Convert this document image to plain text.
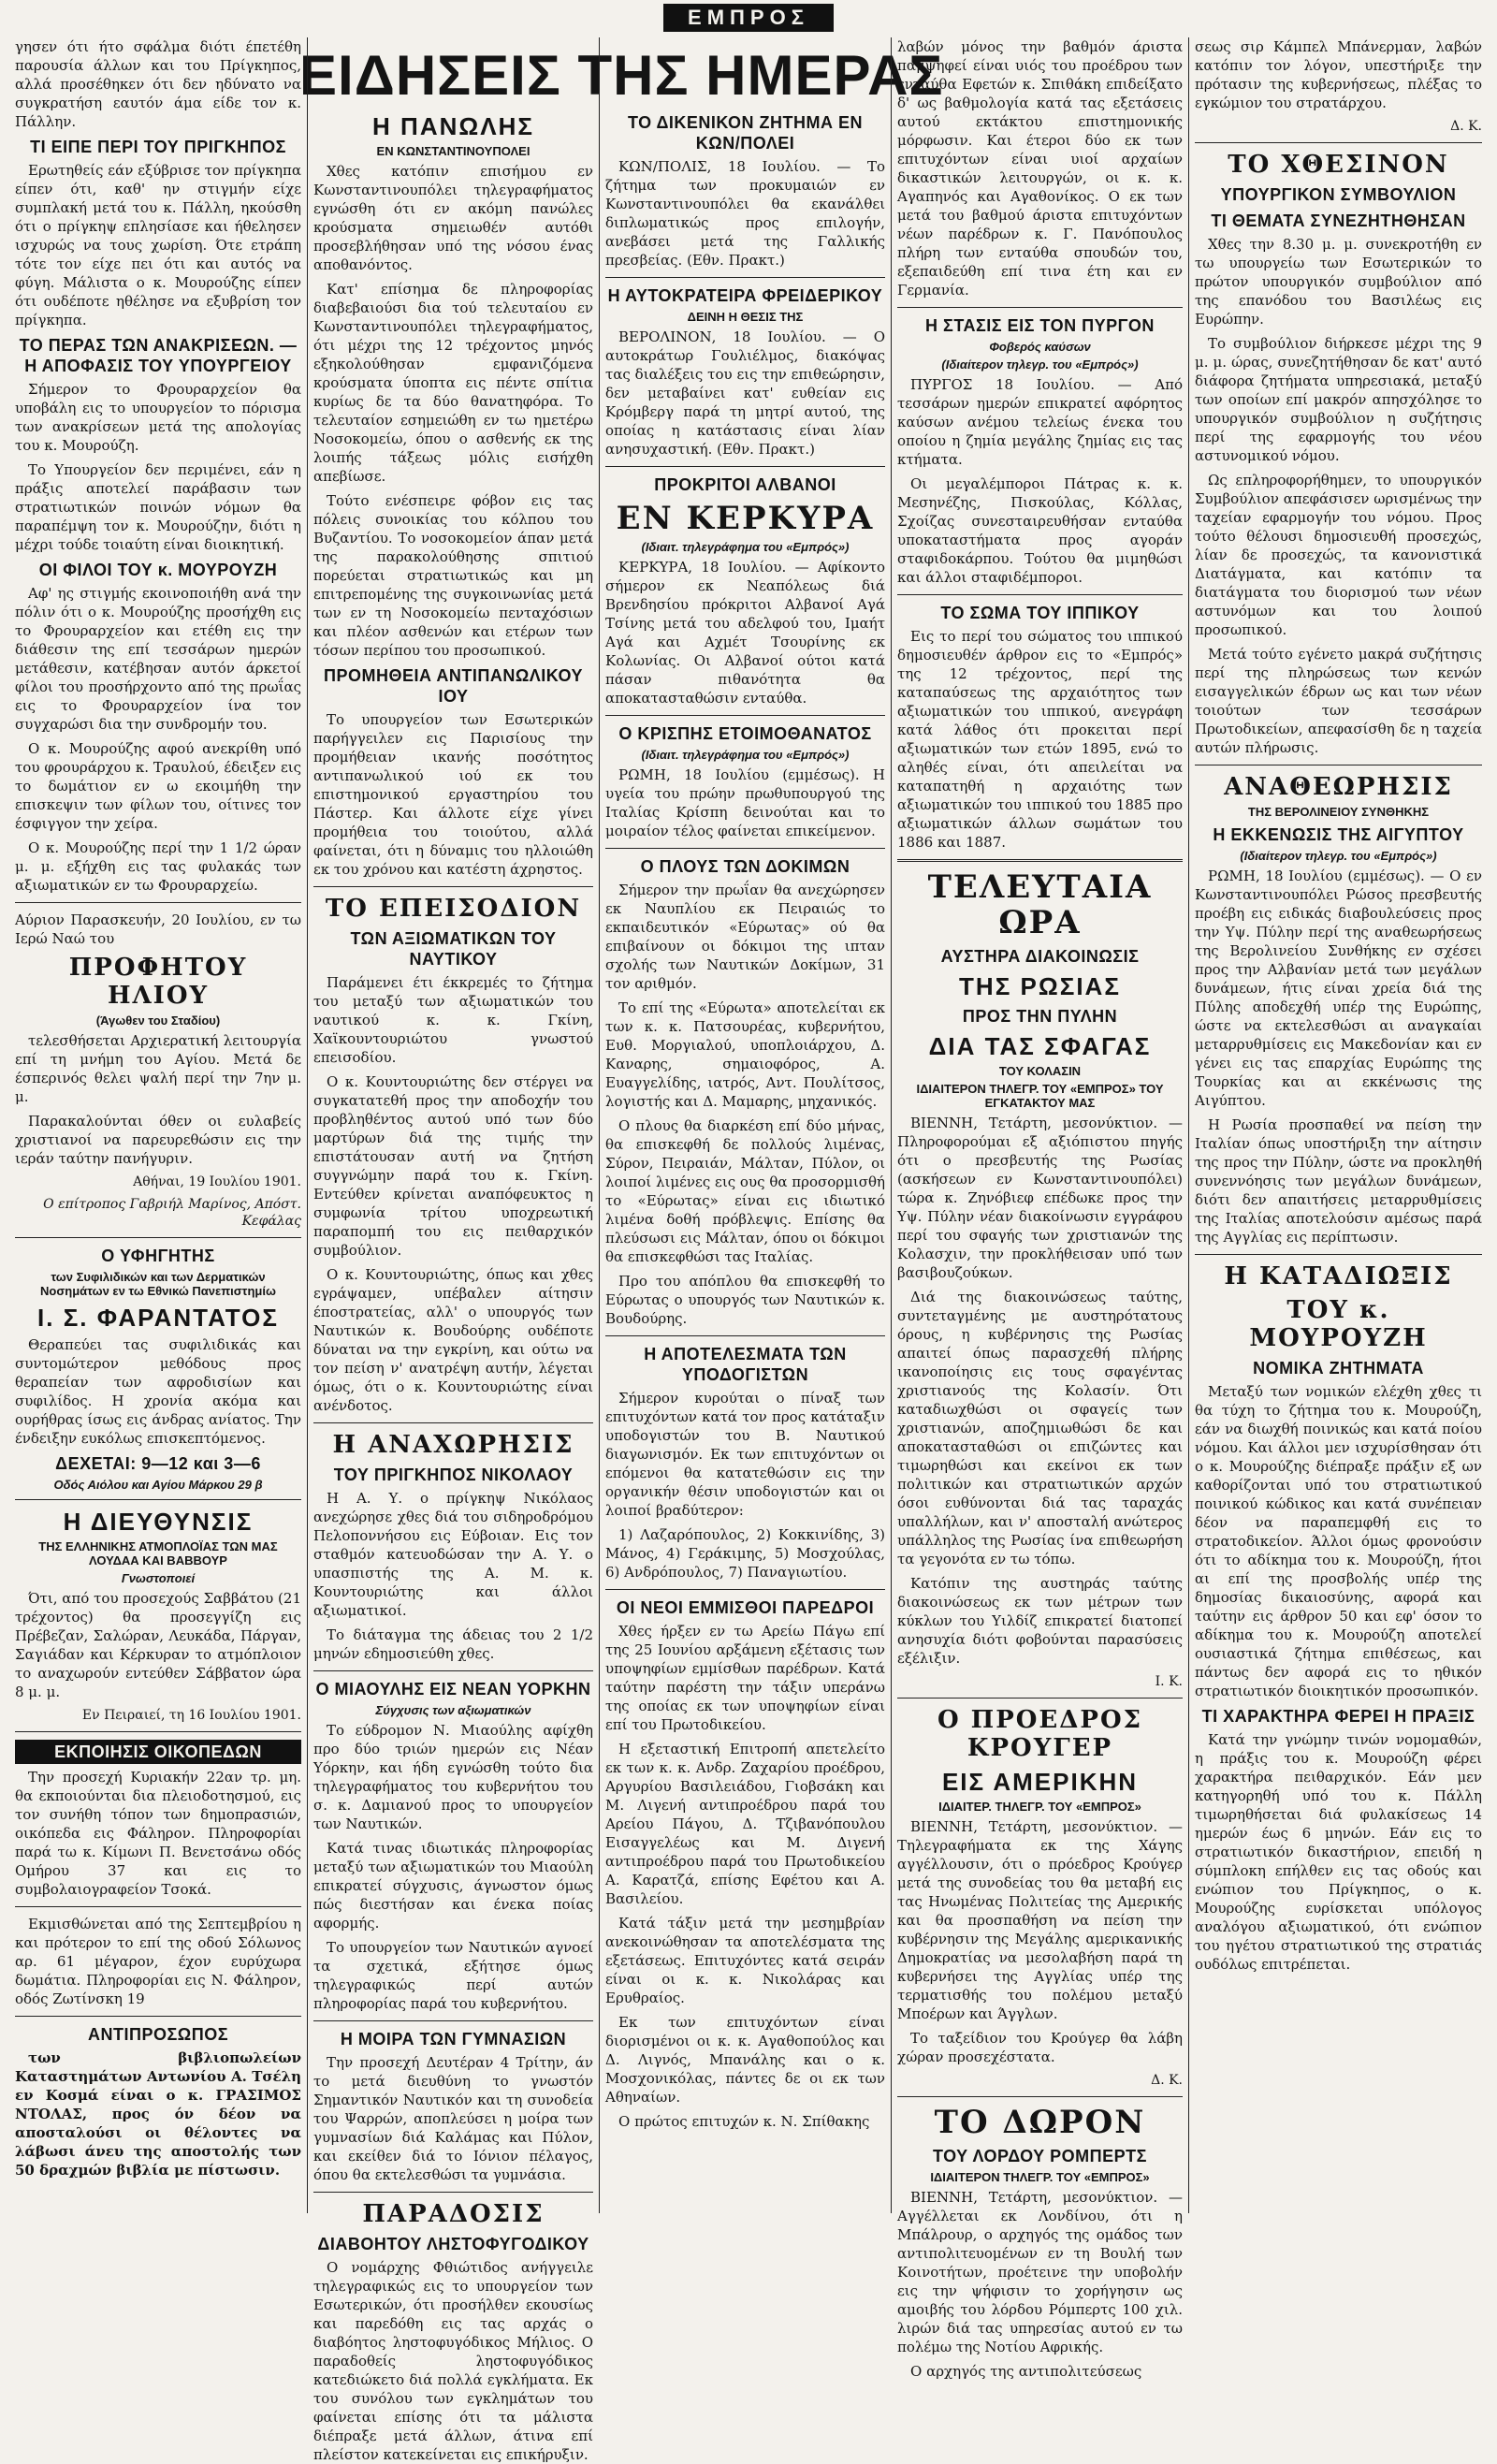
ΕΜΠΡΟΣ
ΕΙΔΗΣΕΙΣ ΤΗΣ ΗΜΕΡΑΣ

γησεν ότι ήτο σφάλμα διότι έπετέθη παρουσία άλλων και του Πρίγκηπος, αλλά προσέθηκεν ότι δεν ηδύνατο να συγκρατήση εαυτόν άμα είδε τον κ. Πάλλην.

ΤΙ ΕΙΠΕ ΠΕΡΙ ΤΟΥ ΠΡΙΓΚΗΠΟΣ

Ερωτηθείς εάν εξύβρισε τον πρίγκηπα είπεν ότι, καθ' ην στιγμήν είχε συμπλακή μετά του κ. Πάλλη, ηκούσθη ότι ο πρίγκηψ επλησίασε και ήθελησεν ισχυρώς να τους χωρίση. Ότε ετράπη τότε τον είχε πει ότι και αυτός να φύγη. Μάλιστα ο κ. Μουρούζης είπεν ότι ουδέποτε ηθέλησε να εξυβρίση τον πρίγκηπα.

ΤΟ ΠΕΡΑΣ ΤΩΝ ΑΝΑΚΡΙΣΕΩΝ. — Η ΑΠΟΦΑΣΙΣ ΤΟΥ ΥΠΟΥΡΓΕΙΟΥ

Σήμερον το Φρουραρχείον θα υποβάλη εις το υπουργείον το πόρισμα των ανακρίσεων μετά της απολογίας του κ. Μουρούζη.

Το Υπουργείον δεν περιμένει, εάν η πράξις αποτελεί παράβασιν των στρατιωτικών ποινών νόμων θα παραπέμψη τον κ. Μουρούζην, διότι η μέχρι τούδε τοιαύτη είναι διοικητική.

ΟΙ ΦΙΛΟΙ ΤΟΥ κ. ΜΟΥΡΟΥΖΗ

Αφ' ης στιγμής εκοινοποιήθη ανά την πόλιν ότι ο κ. Μουρούζης προσήχθη εις το Φρουραρχείον και ετέθη εις την διάθεσιν της επί τεσσάρων ημερών μετάθεσιν, κατέβησαν αυτόν άρκετοί φίλοι του προσήρχοντο από της πρωΐας εις το Φρουραρχείον ίνα τον συγχαρώσι δια την συνδρομήν του.

Ο κ. Μουρούζης αφού ανεκρίθη υπό του φρουράρχου κ. Τραυλού, έδειξεν εις το δωμάτιον εν ω εκοιμήθη την επισκεψιν των φίλων του, οίτινες τον έσφιγγον την χείρα.

Ο κ. Μουρούζης περί την 1 1/2 ώραν μ. μ. εξήχθη εις τας φυλακάς των αξιωματικών εν τω Φρουραρχείω.

Αύριον Παρασκευήν, 20 Ιουλίου, εν τω Ιερώ Ναώ του

ΠΡΟΦΗΤΟΥ ΗΛΙΟΥ
(Άγωθεν του Σταδίου)

τελεσθήσεται Αρχιερατική λειτουργία επί τη μνήμη του Αγίου. Μετά δε έσπερινός θελει ψαλή περί την 7ην μ. μ.

Παρακαλούνται όθεν οι ευλαβείς χριστιανοί να παρευρεθώσιν εις την ιεράν ταύτην πανήγυριν.

Αθήναι, 19 Ιουλίου 1901.
Ο επίτροπος Γαβριήλ Μαρίνος, Απόστ. Κεφάλας
Ο ΥΦΗΓΗΤΗΣ
των Συφιλιδικών και των Δερματικών Νοσημάτων εν τω Εθνικώ Πανεπιστημίω
Ι. Σ. ΦΑΡΑΝΤΑΤΟΣ

Θεραπεύει τας συφιλιδικάς και συντομώτερον μεθόδους προς θεραπείαν των αφροδισίων και συφιλίδος. Η χρονία ακόμα και ουρήθρας ίσως εις άνδρας ανίατος. Την ένδειξην ευκόλως επισκεπτόμενος.

ΔΕΧΕΤΑΙ: 9—12 και 3—6
Οδός Αιόλου και Αγίου Μάρκου 29 β
Η ΔΙΕΥΘΥΝΣΙΣ
ΤΗΣ ΕΛΛΗΝΙΚΗΣ ΑΤΜΟΠΛΟΪΑΣ ΤΩΝ ΜΑΣ ΛΟΥΔΑΑ ΚΑΙ ΒΑΒΒΟΥΡ
Γνωστοποιεί

Ότι, από του προσεχούς Σαββάτου (21 τρέχοντος) θα προσεγγίζη εις Πρέβεζαν, Σαλώραν, Λευκάδα, Πάργαν, Σαγιάδαν και Κέρκυραν το ατμόπλοιον το αναχωρούν εντεύθεν Σάββατον ώρα 8 μ. μ.

Εν Πειραιεί, τη 16 Ιουλίου 1901.
ΕΚΠΟΙΗΣΙΣ ΟΙΚΟΠΕΔΩΝ

Την προσεχή Κυριακήν 22αν τρ. μη. θα εκποιούνται δια πλειοδοτησμού, εις τον συνήθη τόπον των δημοπρασιών, οικόπεδα εις Φάληρον. Πληροφορίαι παρά τω κ. Κίμωνι Π. Βενετσάνω οδός Ομήρου 37 και εις το συμβολαιογραφείον Τσοκά.

Εκμισθώνεται από της Σεπτεμβρίου η και πρότερον το επί της οδού Σόλωνος αρ. 61 μέγαρον, έχον ευρύχωρα δωμάτια. Πληροφορίαι εις Ν. Φάληρον, οδός Ζωτίνσκη 19

ΑΝΤΙΠΡΟΣΩΠΟΣ

των βιβλιοπωλείων Καταστημάτων Αντωνίου Α. Τσέλη εν Κοσμά είναι ο κ. ΓΡΑΣΙΜΟΣ ΝΤΟΛΑΣ, προς όν δέον να αποσταλούσι οι θέλοντες να λάβωσι άνευ της αποστολής των 50 δραχμών βιβλία με πίστωσιν.

Η ΠΑΝΩΛΗΣ
ΕΝ ΚΩΝΣΤΑΝΤΙΝΟΥΠΟΛΕΙ

Χθες κατόπιν επισήμου εν Κωνσταντινουπόλει τηλεγραφήματος εγνώσθη ότι εν ακόμη πανώλες κρούσματα σημειωθέν αυτόθι προσεβλήθησαν υπό της νόσου ένας αποθανόντος.

Κατ' επίσημα δε πληροφορίας διαβεβαιούσι δια τού τελευταίου εν Κωνσταντινουπόλει τηλεγραφήματος, ότι μέχρι της 12 τρέχοντος μηνός εξηκολούθησαν εμφανιζόμενα κρούσματα ύποπτα εις πέντε σπίτια κυρίως δε τα δύο θανατηφόρα. Το τελευταίον εσημειώθη εν τω ημετέρω Νοσοκομείω, όπου ο ασθενής εκ της λοιπής τάξεως μόλις εισήχθη απεβίωσε.

Τούτο ενέσπειρε φόβον εις τας πόλεις συνοικίας του κόλπου του Βυζαντίου. Το νοσοκομείον άπαν μετά της παρακολούθησης σπιτιού πορεύεται στρατιωτικώς και μη επιτρεπομένης της συγκοινωνίας μετά των εν τη Νοσοκομείω πενταχόσιων και πλέον ασθενών και ετέρων των τόσων περίπου του προσωπικού.

ΠΡΟΜΗΘΕΙΑ ΑΝΤΙΠΑΝΩΛΙΚΟΥ ΙΟΥ

Το υπουργείον των Εσωτερικών παρήγγειλεν εις Παρισίους την προμήθειαν ικανής ποσότητος αντιπανωλικού ιού εκ του επιστημονικού εργαστηρίου του Πάστερ. Και άλλοτε είχε γίνει προμήθεια του τοιούτου, αλλά φαίνεται, ότι η δύναμις του ηλλοιώθη εκ του χρόνου και κατέστη άχρηστος.

ΤΟ ΕΠΕΙΣΟΔΙΟΝ
ΤΩΝ ΑΞΙΩΜΑΤΙΚΩΝ ΤΟΥ ΝΑΥΤΙΚΟΥ

Παράμενει έτι έκκρεμές το ζήτημα του μεταξύ των αξιωματικών του ναυτικού κ. κ. Γκίνη, Χαϊκουντουριώτου γνωστού επεισοδίου.

Ο κ. Κουντουριώτης δεν στέργει να συγκατατεθή προς την αποδοχήν του προβληθέντος αυτού υπό των δύο μαρτύρων διά της τιμής την επιστάτουσαν αυτή να ζητήση συγγνώμην παρά του κ. Γκίνη. Εντεύθεν κρίνεται αναπόφευκτος η συμφωνία τρίτου υποχρεωτική παραπομπή του εις πειθαρχικόν συμβούλιον.

Ο κ. Κουντουριώτης, όπως και χθες εγράψαμεν, υπέβαλεν αίτησιν έποστρατείας, αλλ' ο υπουργός των Ναυτικών κ. Βουδούρης ουδέποτε δύναται να την εγκρίνη, και ούτω να τον πείση ν' ανατρέψη αυτήν, λέγεται όμως, ότι ο κ. Κουντουριώτης είναι ανένδοτος.

Η ΑΝΑΧΩΡΗΣΙΣ
ΤΟΥ ΠΡΙΓΚΗΠΟΣ ΝΙΚΟΛΑΟΥ

Η Α. Υ. ο πρίγκηψ Νικόλαος ανεχώρησε χθες διά του σιδηροδρόμου Πελοποννήσου εις Εύβοιαν. Εις τον σταθμόν κατευοδώσαν την Α. Υ. ο υπασπιστής της Α. Μ. κ. Κουντουριώτης και άλλοι αξιωματικοί.

Το διάταγμα της άδειας του 2 1/2 μηνών εδημοσιεύθη χθες.

Ο ΜΙΑΟΥΛΗΣ ΕΙΣ ΝΕΑΝ ΥΟΡΚΗΝ
Σύγχυσις των αξιωματικών

Το εύδρομον Ν. Μιαούλης αφίχθη προ δύο τριών ημερών εις Νέαν Υόρκην, και ήδη εγνώσθη τούτο δια τηλεγραφήματος του κυβερνήτου του σ. κ. Δαμιανού προς το υπουργείον των Ναυτικών.

Κατά τινας ιδιωτικάς πληροφορίας μεταξύ των αξιωματικών του Μιαούλη επικρατεί σύγχυσις, άγνωστον όμως πώς διεστήσαν και ένεκα ποίας αφορμής.

Το υπουργείον των Ναυτικών αγνοεί τα σχετικά, εξήτησε όμως τηλεγραφικώς περί αυτών πληροφορίας παρά του κυβερνήτου.

Η ΜΟΙΡΑ ΤΩΝ ΓΥΜΝΑΣΙΩΝ

Την προσεχή Δευτέραν 4 Τρίτην, άν το μετά διευθύνη το γνωστόν Σημαντικόν Ναυτικόν και τη συνοδεία του Ψαρρών, αποπλεύσει η μοίρα των γυμνασίων διά Καλάμας και Πύλον, και εκείθεν διά το Ιόνιον πέλαγος, όπου θα εκτελεσθώσι τα γυμνάσια.

ΠΑΡΑΔΟΣΙΣ
ΔΙΑΒΟΗΤΟΥ ΛΗΣΤΟΦΥΓΟΔΙΚΟΥ

Ο νομάρχης Φθιώτιδος ανήγγειλε τηλεγραφικώς εις το υπουργείον των Εσωτερικών, ότι προσήλθεν εκουσίως και παρεδόθη εις τας αρχάς ο διαβόητος ληστοφυγόδικος Μήλιος. Ο παραδοθείς ληστοφυγόδικος κατεδιώκετο διά πολλά εγκλήματα. Εκ του συνόλου των εγκλημάτων του φαίνεται επίσης ότι τα μάλιστα διέπραξε μετά άλλων, άτινα επί πλείστον κατεκείνεται εις επικήρυξιν.

ΤΟ ΔΙΚΕΝΙΚΟΝ ΖΗΤΗΜΑ ΕΝ ΚΩΝ/ΠΟΛΕΙ

ΚΩΝ/ΠΟΛΙΣ, 18 Ιουλίου. — Το ζήτημα των προκυμαιών εν Κωνσταντινουπόλει θα εκανάλθει διπλωματικώς προς επιλογήν, ανεβάσει μετά της Γαλλικής πρεσβείας. (Εθν. Πρακτ.)

Η ΑΥΤΟΚΡΑΤΕΙΡΑ ΦΡΕΙΔΕΡΙΚΟΥ
ΔΕΙΝΗ Η ΘΕΣΙΣ ΤΗΣ

ΒΕΡΟΛΙΝΟΝ, 18 Ιουλίου. — Ο αυτοκράτωρ Γουλιέλμος, διακόψας τας διαλέξεις του εις την επιθεώρησιν, δεν μεταβαίνει κατ' ευθείαν εις Κρόμβεργ παρά τη μητρί αυτού, της οποίας η κατάστασις είναι λίαν ανησυχαστική. (Εθν. Πρακτ.)

ΠΡΟΚΡΙΤΟΙ ΑΛΒΑΝΟΙ
ΕΝ ΚΕΡΚΥΡΑ
(Ιδιαιτ. τηλεγράφημα του «Εμπρός»)

ΚΕΡΚΥΡΑ, 18 Ιουλίου. — Αφίκοντο σήμερον εκ Νεαπόλεως διά Βρενδησίου πρόκριτοι Αλβανοί Αγά Τσίνης μετά του αδελφού του, Ιμαήτ Αγά και Αχμέτ Τσουρίνης εκ Κολωνίας. Οι Αλβανοί ούτοι κατά πάσαν πιθανότητα θα αποκατασταθώσιν ενταύθα.

Ο ΚΡΙΣΠΗΣ ΕΤΟΙΜΟΘΑΝΑΤΟΣ
(Ιδιαιτ. τηλεγράφημα του «Εμπρός»)

ΡΩΜΗ, 18 Ιουλίου (εμμέσως). Η υγεία του πρώην πρωθυπουργού της Ιταλίας Κρίσπη δεινούται και το μοιραίον τέλος φαίνεται επικείμενον.

Ο ΠΛΟΥΣ ΤΩΝ ΔΟΚΙΜΩΝ

Σήμερον την πρωΐαν θα ανεχώρησεν εκ Ναυπλίου εκ Πειραιώς το εκπαιδευτικόν «Εύρωτας» ού θα επιβαίνουν οι δόκιμοι της ιπταν σχολής των Ναυτικών Δοκίμων, 31 τον αριθμόν.

Το επί της «Εύρωτα» αποτελείται εκ των κ. κ. Πατσουρέας, κυβερνήτου, Ευθ. Μοργιαλού, υποπλοιάρχου, Δ. Καναρης, σημαιοφόρος, Α. Ευαγγελίδης, ιατρός, Αντ. Πουλίτσος, λογιστής και Δ. Μαμαρης, μηχανικός.

Ο πλους θα διαρκέση επί δύο μήνας, θα επισκεφθή δε πολλούς λιμένας, Σύρον, Πειραιάν, Μάλταν, Πύλον, οι λοιποί λιμένες εις ους θα προσορμισθή το «Εύρωτας» είναι εις ιδιωτικό λιμένα δοθή πρόβλεψις. Επίσης θα πλεύσωσι εις Μάλταν, όπου οι δόκιμοι θα επισκεφθώσι τας Ιταλίας.

Προ του απόπλου θα επισκεφθή το Εύρωτας ο υπουργός των Ναυτικών κ. Βουδούρης.

Η ΑΠΟΤΕΛΕΣΜΑΤΑ ΤΩΝ ΥΠΟΔΟΓΙΣΤΩΝ

Σήμερον κυρούται ο πίναξ των επιτυχόντων κατά τον προς κατάταξιν υποδογιστών του Β. Ναυτικού διαγωνισμόν. Εκ των επιτυχόντων οι επόμενοι θα κατατεθώσιν εις την οργανικήν θέσιν υποδογιστών και οι λοιποί βραδύτερον:

1) Λαζαρόπουλος, 2) Κοκκινίδης, 3) Μάνος, 4) Γεράκιμης, 5) Μοσχούλας, 6) Ανδρόπουλος, 7) Παναγιωτίου.

ΟΙ ΝΕΟΙ ΕΜΜΙΣΘΟΙ ΠΑΡΕΔΡΟΙ

Χθες ήρξεν εν τω Αρείω Πάγω επί της 25 Ιουνίου αρξάμενη εξέτασις των υποψηφίων εμμίσθων παρέδρων. Κατά ταύτην παρέστη την τάξιν υπεράνω της οποίας εκ των υποψηφίων είναι επί του Πρωτοδικείου.

Η εξεταστική Επιτροπή απετελείτο εκ των κ. κ. Ανδρ. Ζαχαρίου προέδρου, Αργυρίου Βασιλειάδου, Γιοβσάκη και Μ. Λιγενή αντιπροέδρου παρά του Αρείου Πάγου, Δ. Τζιβανόπουλου Εισαγγελέως και Μ. Διγενή αντιπροέδρου παρά του Πρωτοδικείου Α. Καρατζά, επίσης Εφέτου και Α. Βασιλείου.

Κατά τάξιν μετά την μεσημβρίαν ανεκοινώθησαν τα αποτελέσματα της εξετάσεως. Επιτυχόντες κατά σειράν είναι οι κ. κ. Νικολάρας και Ερυθραίος.

Εκ των επιτυχόντων είναι διορισμένοι οι κ. κ. Αγαθοπούλος και Δ. Λιγνός, Μπανάλης και ο κ. Μοσχονικόλας, πάντες δε οι εκ των Αθηναίων.

Ο πρώτος επιτυχών κ. Ν. Σπίθακης

λαβών μόνος την βαθμόν άριστα παμψηφεί είναι υιός του προέδρου των ενταύθα Εφετών κ. Σπιθάκη επιδείξατο δ' ως βαθμολογία κατά τας εξετάσεις αυτού εκτάκτου επιστημονικής μόρφωσιν. Και έτεροι δύο εκ των επιτυχόντων είναι υιοί αρχαίων δικαστικών λειτουργών, οι κ. κ. Αγαπηνός και Αγαθονίκος. Ο εκ των μετά του βαθμού άριστα επιτυχόντων νέων παρέδρων κ. Γ. Πανόπουλος πλήρη των ενταύθα σπουδών του, εξεπαιδεύθη επί τινα έτη και εν Γερμανία.

Η ΣΤΑΣΙΣ ΕΙΣ ΤΟΝ ΠΥΡΓΟΝ
Φοβερός καύσων
(Ιδιαίτερον τηλεγρ. του «Εμπρός»)

ΠΥΡΓΟΣ 18 Ιουλίου. — Από τεσσάρων ημερών επικρατεί αφόρητος καύσων ανέμου τελείως ένεκα του οποίου η ζημία μεγάλης ζημίας εις τας κτήματα.

Οι μεγαλέμποροι Πάτρας κ. κ. Μεσηνέζης, Πισκούλας, Κόλλας, Σχοίζας συνεσταιρευθήσαν ενταύθα υποκαταστήματα προς αγοράν σταφιδοκάρπου. Τούτου θα μιμηθώσι και άλλοι σταφιδέμποροι.

ΤΟ ΣΩΜΑ ΤΟΥ ΙΠΠΙΚΟΥ

Εις το περί του σώματος του ιππικού δημοσιευθέν άρθρον εις το «Εμπρός» της 12 τρέχοντος, περί της καταπαύσεως της αρχαιότητος των αξιωματικών του ιππικού, ανεγράφη κατά λάθος ότι προκειται περί αξιωματικών των ετών 1895, ενώ το αληθές είναι, ότι απειλείται να καταπατηθή η αρχαιότης των αξιωματικών του ιππικού του 1885 προ αξιωματικών άλλων σωμάτων του 1886 και 1887.

ΤΕΛΕΥΤΑΙΑ ΩΡΑ
ΑΥΣΤΗΡΑ ΔΙΑΚΟΙΝΩΣΙΣ
ΤΗΣ ΡΩΣΙΑΣ
ΠΡΟΣ ΤΗΝ ΠΥΛΗΝ
ΔΙΑ ΤΑΣ ΣΦΑΓΑΣ
ΤΟΥ ΚΟΛΑΣΙΝ
ΙΔΙΑΙΤΕΡΟΝ ΤΗΛΕΓΡ. ΤΟΥ «ΕΜΠΡΟΣ» ΤΟΥ ΕΓΚΑΤΑΚΤΟΥ ΜΑΣ

ΒΙΕΝΝΗ, Τετάρτη, μεσονύκτιον. — Πληροφορούμαι εξ αξιόπιστου πηγής ότι ο πρεσβευτής της Ρωσίας (ασκήσεων εν Κωνσταντινουπόλει) τώρα κ. Ζηνόβιεφ επέδωκε προς την Υψ. Πύλην νέαν διακοίνωσιν εγγράφου περί του σφαγής των χριστιανών της Κολασχιν, την προκλήθεισαν υπό των βασιβουζούκων.

Διά της διακοινώσεως ταύτης, συντεταγμένης με αυστηρότατους όρους, η κυβέρνησις της Ρωσίας απαιτεί όπως παρασχεθή πλήρης ικανοποίησις εις τους σφαγέντας χριστιανούς της Κολασίν. Ότι καταδιωχθώσι οι σφαγείς των χριστιανών, αποζημιωθώσι δε και αποκατασταθώσι οι επιζώντες και τιμωρηθώσι και εκείνοι εκ των πολιτικών και στρατιωτικών αρχών όσοι ευθύνονται διά τας ταραχάς υπαλλήλων, και ν' αποσταλή ανώτερος υπάλληλος της Ρωσίας ίνα επιθεωρήση τα γεγονότα εν τω τόπω.

Κατόπιν της αυστηράς ταύτης διακοινώσεως εκ των μέτρων των κύκλων του Υιλδίζ επικρατεί διατοπεί ανησυχία διότι φοβούνται παρασύσεις εξέλιξιν.

Ι. Κ.
Ο ΠΡΟΕΔΡΟΣ ΚΡΟΥΓΕΡ
ΕΙΣ ΑΜΕΡΙΚΗΝ
ΙΔΙΑΙΤΕΡ. ΤΗΛΕΓΡ. ΤΟΥ «ΕΜΠΡΟΣ»

ΒΙΕΝΝΗ, Τετάρτη, μεσονύκτιον. — Τηλεγραφήματα εκ της Χάγης αγγέλλουσιν, ότι ο πρόεδρος Κρούγερ μετά της συνοδείας του θα μεταβή εις τας Ηνωμένας Πολιτείας της Αμερικής και θα προσπαθήση να πείση την κυβέρνησιν της Μεγάλης αμερικανικής Δημοκρατίας να μεσολαβήση παρά τη κυβερνήσει της Αγγλίας υπέρ της τερματισθής του πολέμου μεταξύ Μποέρων και Άγγλων.

Το ταξείδιον του Κρούγερ θα λάβη χώραν προσεχέστατα.

Δ. Κ.
ΤΟ ΔΩΡΟΝ
ΤΟΥ ΛΟΡΔΟΥ ΡΟΜΠΕΡΤΣ
ΙΔΙΑΙΤΕΡΟΝ ΤΗΛΕΓΡ. ΤΟΥ «ΕΜΠΡΟΣ»

ΒΙΕΝΝΗ, Τετάρτη, μεσονύκτιον. — Αγγέλλεται εκ Λονδίνου, ότι η Μπάλρουρ, ο αρχηγός της ομάδος των αντιπολιτευομένων εν τη Βουλή των Κοινοτήτων, προέτεινε την υποβολήν εις την ψήφισιν το χορήγησιν ως αμοιβής του λόρδου Ρόμπερτς 100 χιλ. λιρών διά τας υπηρεσίας αυτού εν τω πολέμω της Νοτίου Αφρικής.

Ο αρχηγός της αντιπολιτεύσεως

σεως σιρ Κάμπελ Μπάνερμαν, λαβών κατόπιν τον λόγον, υπεστήριξε την πρότασιν της κυβερνήσεως, πλέξας το εγκώμιον του στρατάρχου.

Δ. Κ.
ΤΟ ΧΘΕΣΙΝΟΝ
ΥΠΟΥΡΓΙΚΟΝ ΣΥΜΒΟΥΛΙΟΝ
ΤΙ ΘΕΜΑΤΑ ΣΥΝΕΖΗΤΗΘΗΣΑΝ

Χθες την 8.30 μ. μ. συνεκροτήθη εν τω υπουργείω των Εσωτερικών το πρώτον υπουργικόν συμβούλιον από της επανόδου του Βασιλέως εις Ευρώπην.

Το συμβούλιον διήρκεσε μέχρι της 9 μ. μ. ώρας, συνεζητήθησαν δε κατ' αυτό διάφορα ζητήματα υπηρεσιακά, μεταξύ των οποίων επί μακρόν απησχόλησε το υπουργικόν συμβούλιον η συζήτησις περί της εφαρμογής του νέου αστυνομικού νόμου.

Ως επληροφορήθημεν, το υπουργικόν Συμβούλιον απεφάσισεν ωρισμένως την ταχείαν εφαρμογήν του νόμου. Προς τούτο θέλουσι δημοσιευθή προσεχώς, λίαν δε προσεχώς, τα κανονιστικά Διατάγματα, και κατόπιν τα διατάγματα του διορισμού των νέων αστυνόμων και του λοιπού προσωπικού.

Μετά τούτο εγένετο μακρά συζήτησις περί της πληρώσεως των κενών εισαγγελικών έδρων ως και των νέων τοιούτων των τεσσάρων Πρωτοδικείων, απεφασίσθη δε η ταχεία αυτών πλήρωσις.

ΑΝΑΘΕΩΡΗΣΙΣ
ΤΗΣ ΒΕΡΟΛΙΝΕΙΟΥ ΣΥΝΘΗΚΗΣ
Η ΕΚΚΕΝΩΣΙΣ ΤΗΣ ΑΙΓΥΠΤΟΥ
(Ιδιαίτερον τηλεγρ. του «Εμπρός»)

ΡΩΜΗ, 18 Ιουλίου (εμμέσως). — Ο εν Κωνσταντινουπόλει Ρώσος πρεσβευτής προέβη εις ειδικάς διαβουλεύσεις προς την Υψ. Πύλην περί της αναθεωρήσεως της Βερολινείου Συνθήκης εν σχέσει προς την Αλβανίαν μετά των μεγάλων δυνάμεων, ήτις είναι χρεία διά της Πύλης αποδεχθή υπέρ της Ευρώπης, ώστε να εκτελεσθώσι αι αναγκαίαι μεταρρυθμίσεις εις Μακεδονίαν και εν γένει εις τας επαρχίας Ευρώπης της Τουρκίας και αι εκκένωσις της Αιγύπτου.

Η Ρωσία προσπαθεί να πείση την Ιταλίαν όπως υποστήριξη την αίτησιν της προς την Πύλην, ώστε να προκληθή συνεννόησις των μεγάλων δυνάμεων, διότι δεν απαιτήσεις μεταρρυθμίσεις της Ιταλίας αποτελούσιν αμέσως παρά της Αγγλίας εις περίπτωσιν.

Η ΚΑΤΑΔΙΩΞΙΣ
ΤΟΥ κ. ΜΟΥΡΟΥΖΗ
ΝΟΜΙΚΑ ΖΗΤΗΜΑΤΑ

Μεταξύ των νομικών ελέχθη χθες τι θα τύχη το ζήτημα του κ. Μουρούζη, εάν να διωχθή ποινικώς και κατά ποίου νόμου. Και άλλοι μεν ισχυρίσθησαν ότι ο κ. Μουρούζης διέπραξε πράξιν εξ ων καθορίζονται υπό του στρατιωτικού ποινικού κώδικος και κατά συνέπειαν δέον να παραπεμφθή εις το στρατοδικείον. Άλλοι όμως φρονούσιν ότι το αδίκημα του κ. Μουρούζη, ήτοι αι επί της προσβολής υπέρ της δημοσίας δικαιοσύνης, αφορά και ταύτην εις άρθρον 50 και εφ' όσον το αδίκημα του κ. Μουρούζη αποτελεί ουσιαστικά ζήτημα επιθέσεως, και πάντως δεν αφορά εις το ηθικόν στρατιωτικόν διοικητικόν προσωπικόν.

ΤΙ ΧΑΡΑΚΤΗΡΑ ΦΕΡΕΙ Η ΠΡΑΞΙΣ

Κατά την γνώμην τινών νομομαθών, η πράξις του κ. Μουρούζη φέρει χαρακτήρα πειθαρχικόν. Εάν μεν κατηγορηθή υπό του κ. Πάλλη τιμωρηθήσεται διά φυλακίσεως 14 ημερών έως 6 μηνών. Εάν εις το στρατιωτικόν δικαστήριον, επειδή η σύμπλοκη επήλθεν εις τας οδούς και ενώπιον του Πρίγκηπος, ο κ. Μουρούζης ευρίσκεται υπόλογος αναλόγου αξιωματικού, ότι ενώπιον του ηγέτου στρατιωτικού της στρατιάς ουδόλως επιτρέπεται.
